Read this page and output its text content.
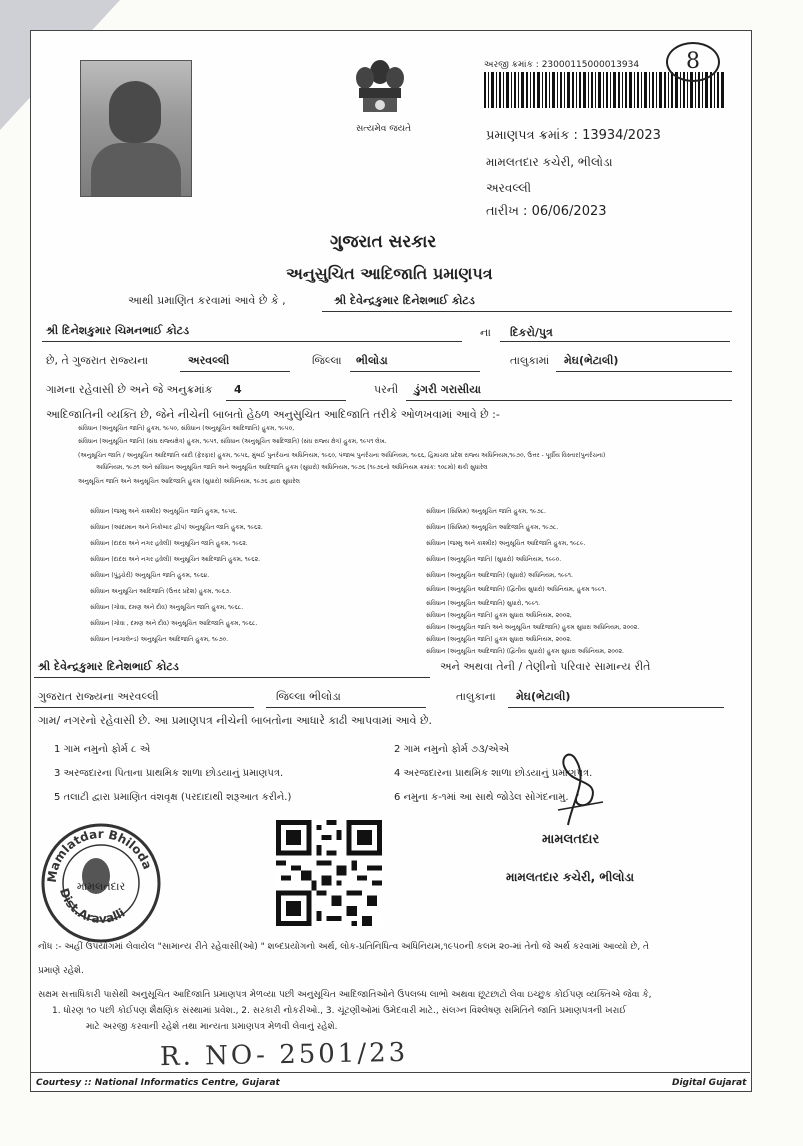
સત્યમેવ જયતે
અરજી ક્રમાંક : 23000115000013934	8
પ્રમાણપત્ર ક્રમાંક : 13934/2023
મામલતદાર કચેરી, ભીલોડા
અરવલ્લી
તારીખ : 06/06/2023
ગુજરાત સરકાર
અનુસુચિત આદિજાતિ પ્રમાણપત્ર
આથી પ્રમાણિત કરવામાં આવે છે કે ,	શ્રી દેવેન્દ્રકુમાર દિનેશભાઈ કોટડ
શ્રી દિનેશકુમાર ચિમનભાઈ કોટડ	ના દિકરો/પુત્ર
છે, તે ગુજરાત રાજ્યના	અરવલ્લી	જિલ્લા ભીલોડા	તાલુકામાં મેઘ(ભેટાલી)
ગામના રહેવાસી છે અને જે અનુક્રમાંક 4	પરની ડુંગરી ગરાસીયા
આદિજાતિની વ્યક્તિ છે, જેને નીચેની બાબતો હેઠળ અનુસુચિત આદિજાતિ તરીકે ઓળખવામાં આવે છે :-
સંવિધાન (અનુસૂચિત જાતિ) હુકમ, ૧૯૫૦, સંવિધાન (અનુસૂચિત આદિજાતિ) હુકમ, ૧૯૫૦,
સંવિધાન (અનુસૂચિત જાતિ) (સંઘ રાજ્યક્ષેત્ર) હુકમ, ૧૯૫૧, સંવિધાન (અનુસૂચિત આદિજાતિ) (સંઘ રાજ્ય ક્ષેત્ર) હુકમ, ૧૯૫૧ લેખ.
(અનુસૂચિત જાતિ / અનુસૂચિત આદિજાતિ યાદી (ફેરફાર) હુકમ, ૧૯૫૬, મુંબઈ પુનર્રચના અધિનિયમ, ૧૯૬૦, પંજાબ પુનર્રચના અધિનિયમ, ૧૯૬૬, હિમાચલ પ્રદેશ રાજ્ય અધિનિયમ,૧૯૭૦, ઉત્તર - પૂર્વીય વિસ્તાર(પુનર્રચના)
અધિનિયમ, ૧૯૭૧ અને સંવિધાન અનુસૂચિત જાતિ અને અનુસૂચિત આદિજાતિ હુકમ (સુધારો) અધિનિયમ, ૧૯૭૬ (૧૯૭૬નો અધિનિયમ ક્રમાંક: ૧૦૮મો) થકી સુધારેલ
અનુસૂચિત જાતિ અને અનુસૂચિત આદિજાતિ હુકમ (સુધારો) અધિનિયમ, ૧૯૭૬ દ્વારા સુધારેલ
સંવિધાન (જમ્મુ અને કાશ્મીર) અનુસૂચિત જાતિ હુકમ, ૧૯૫૬.
સંવિધાન (આંદામાન અને નિકોબાર દ્વીપ) અનુસૂચિત જાતિ હુકમ, ૧૯૬૨.
સંવિધાન (દાદરા અને નગર હવેલી) અનુસૂચિત જાતિ હુકમ, ૧૯૬૨.
સંવિધાન (દાદરા અને નગર હવેલી) અનુસૂચિત આદિજાતિ હુકમ, ૧૯૬૨.
સંવિધાન (પુંડુચેરી) અનુસૂચિત જાતિ હુકમ, ૧૯૬૪.
સંવિધાન અનુસૂચિત આદિજાતિ (ઉત્તર પ્રદેશ) હુકમ, ૧૯૬૭.
સંવિધાન (ગોવા, દમણ અને દીવ) અનુસૂચિત જાતિ હુકમ, ૧૯૬૮.
સંવિધાન (ગોવા , દમણ અને દીવ) અનુસૂચિત આદિજાતિ હુકમ, ૧૯૬૮.
સંવિધાન (નાગાલેન્ડ) અનુસૂચિત આદિજાતિ હુકમ, ૧૯૭૦.
સંવિધાન (સિક્કિમ) અનુસૂચિત જાતિ હુકમ, ૧૯૭૮.
સંવિધાન (સિક્કિમ) અનુસૂચિત આદિજાતિ હુકમ, ૧૯૭૮.
સંવિધાન (જમ્મુ અને કાશ્મીર) અનુસૂચિત આદિજાતિ હુકમ, ૧૯૮૯.
સંવિધાન (અનુસૂચિત જાતિ) (સુધારો) અધિનિયમ, ૧૯૯૦.
સંવિધાન (અનુસૂચિત આદિજાતિ) (સુધારો) અધિનિયમ, ૧૯૯૧.
સંવિધાન (અનુસૂચિત આદિજાતિ) (દ્વિતીય સુધારો) અધિનિયમ, હુકમ ૧૯૯૧.
સંવિધાન (અનુસૂચિત આદિજાતિ) સુધારો, ૧૯૯૧.
સંવિધાન (અનુસૂચિત જાતિ) હુકમ સુધારા અધિનિયમ, ૨૦૦૨,
સંવિધાન (અનુસૂચિત જાતિ અને અનુસૂચિત આદિજાતિ) હુકમ સુધારા અધિનિયમ, ૨૦૦૨.
સંવિધાન (અનુસૂચિત જાતિ) હુકમ સુધારા અધિનિયમ, ૨૦૦૨.
સંવિધાન (અનુસૂચિત આદિજાતિ) (દ્વિતીય સુધારો) હુકમ સુધારા અધિનિયમ, ૨૦૦૨.
શ્રી દેવેન્દ્રકુમાર દિનેશભાઈ કોટડ	અને અથવા તેની / તેણીનો પરિવાર સામાન્ય રીતે
ગુજરાત રાજ્યના અરવલ્લી	જિલ્લા ભીલોડા	તાલુકાના મેઘ(ભેટાલી)
ગામ/ નગરનો રહેવાસી છે. આ પ્રમાણપત્ર નીચેની બાબતોના આધારે કાઢી આપવામાં આવે છે.
1 ગામ નમુનો ફોર્મ ૮ એ
3 અરજદારના પિતાના પ્રાથમિક શાળા છોડયાનું પ્રમાણપત્ર.
5 તલાટી દ્વારા પ્રમાણિત વંશવૃક્ષ (પરદાદાથી શરૂઆત કરીને.)
2 ગામ નમુનો ફોર્મ ૭૩/એએ
4 અરજદારના પ્રાથમિક શાળા છોડયાનું પ્રમાણપત્ર.
6 નમુના ક-૧માં આ સાથે જોડેલ સોગંદનામુ.
Mamlatdar Bhiloda
Dist.Aravalli
મામલતદાર
મામલતદાર
મામલતદાર કચેરી, ભીલોડા
નોંધ :- અહીં ઉપયોગમાં લેવાયેલ "સામાન્ય રીતે રહેવાસી(ઓ) " શબ્દપ્રયોગનો અર્થ, લોક-પ્રતિનિધિત્વ અધિનિયમ,૧૯૫૦ની કલમ ૨૦-માં તેનો જે અર્થ કરવામાં આવ્યો છે, તે
પ્રમાણે રહેશે.
સક્ષમ સત્તાધિકારી પાસેથી અનુસૂચિત આદિજાતિ પ્રમાણપત્ર મેળવ્યા પછી અનુસૂચિત આદિજાતિઓને ઉપલબ્ધ લાભો અથવા છૂટછાટો લેવા ઇચ્છુક કોઈપણ વ્યક્તિએ જેવા કે,
1. ધોરણ ૧૦ પછી કોઈપણ શૈક્ષણિક સંસ્થામાં પ્રવેશ., 2. સરકારી નોકરીઓ., 3. ચૂંટણીઓમાં ઉમેદવારી માટે., સંલગ્ન વિશ્લેષણ સમિતિને જાતિ પ્રમાણપત્રની ખરાઈ
માટે અરજી કરવાની રહેશે તથા માન્યતા પ્રમાણપત્ર મેળવી લેવાનું રહેશે.
R. NO- 2501/23
Courtesy :: National Informatics Centre, Gujarat	Digital Gujarat
